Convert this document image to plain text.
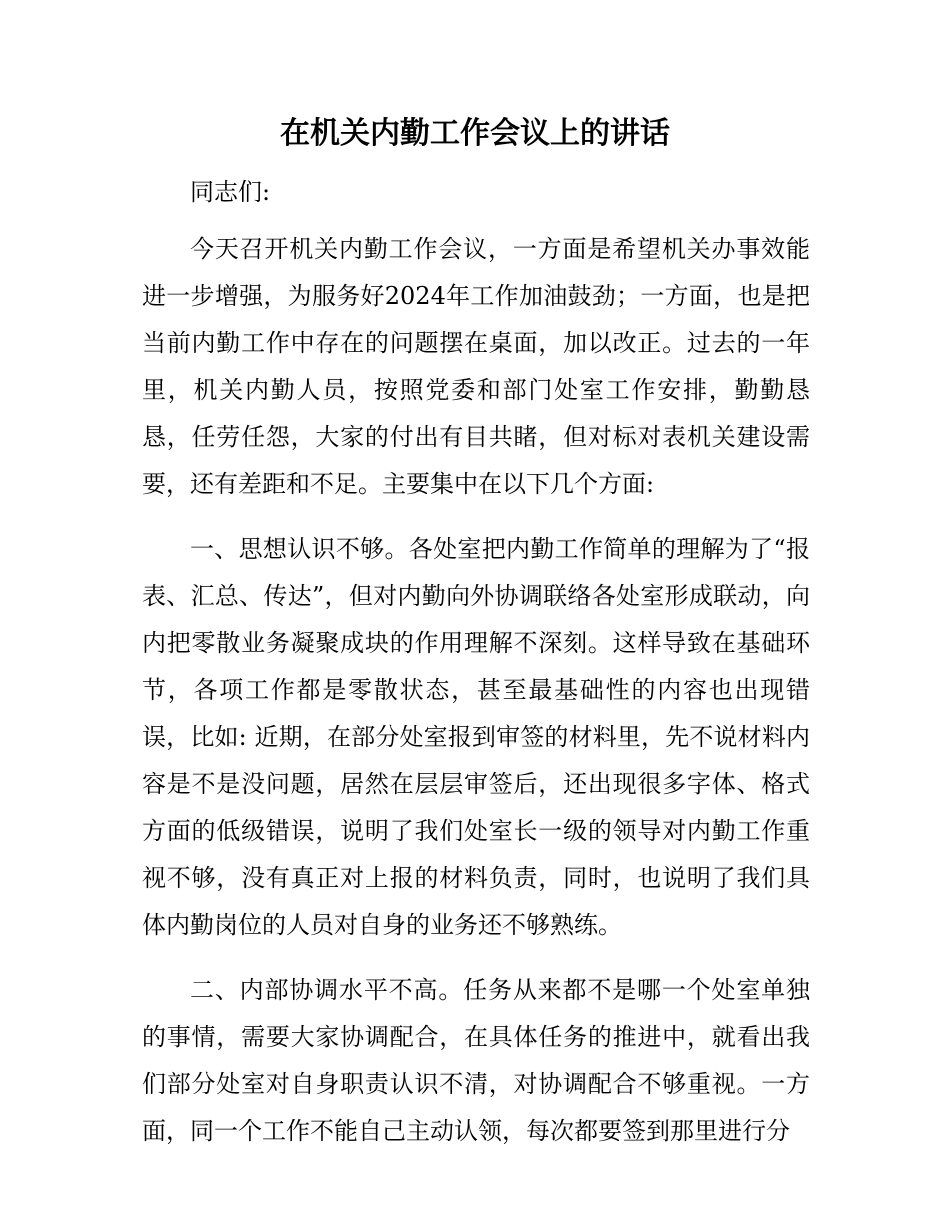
在机关内勤工作会议上的讲话

同志们:

今天召开机关内勤工作会议，一方面是希望机关办事效能进一步增强，为服务好2024年工作加油鼓劲；一方面，也是把当前内勤工作中存在的问题摆在桌面，加以改正。过去的一年里，机关内勤人员，按照党委和部门处室工作安排，勤勤恳恳，任劳任怨，大家的付出有目共睹，但对标对表机关建设需要，还有差距和不足。主要集中在以下几个方面:

一、思想认识不够。各处室把内勤工作简单的理解为了“报表、汇总、传达”，但对内勤向外协调联络各处室形成联动，向内把零散业务凝聚成块的作用理解不深刻。这样导致在基础环节，各项工作都是零散状态，甚至最基础性的内容也出现错误，比如: 近期，在部分处室报到审签的材料里，先不说材料内容是不是没问题，居然在层层审签后，还出现很多字体、格式方面的低级错误，说明了我们处室长一级的领导对内勤工作重视不够，没有真正对上报的材料负责，同时，也说明了我们具体内勤岗位的人员对自身的业务还不够熟练。

二、内部协调水平不高。任务从来都不是哪一个处室单独的事情，需要大家协调配合，在具体任务的推进中，就看出我们部分处室对自身职责认识不清，对协调配合不够重视。一方面，同一个工作不能自己主动认领，每次都要签到那里进行分
